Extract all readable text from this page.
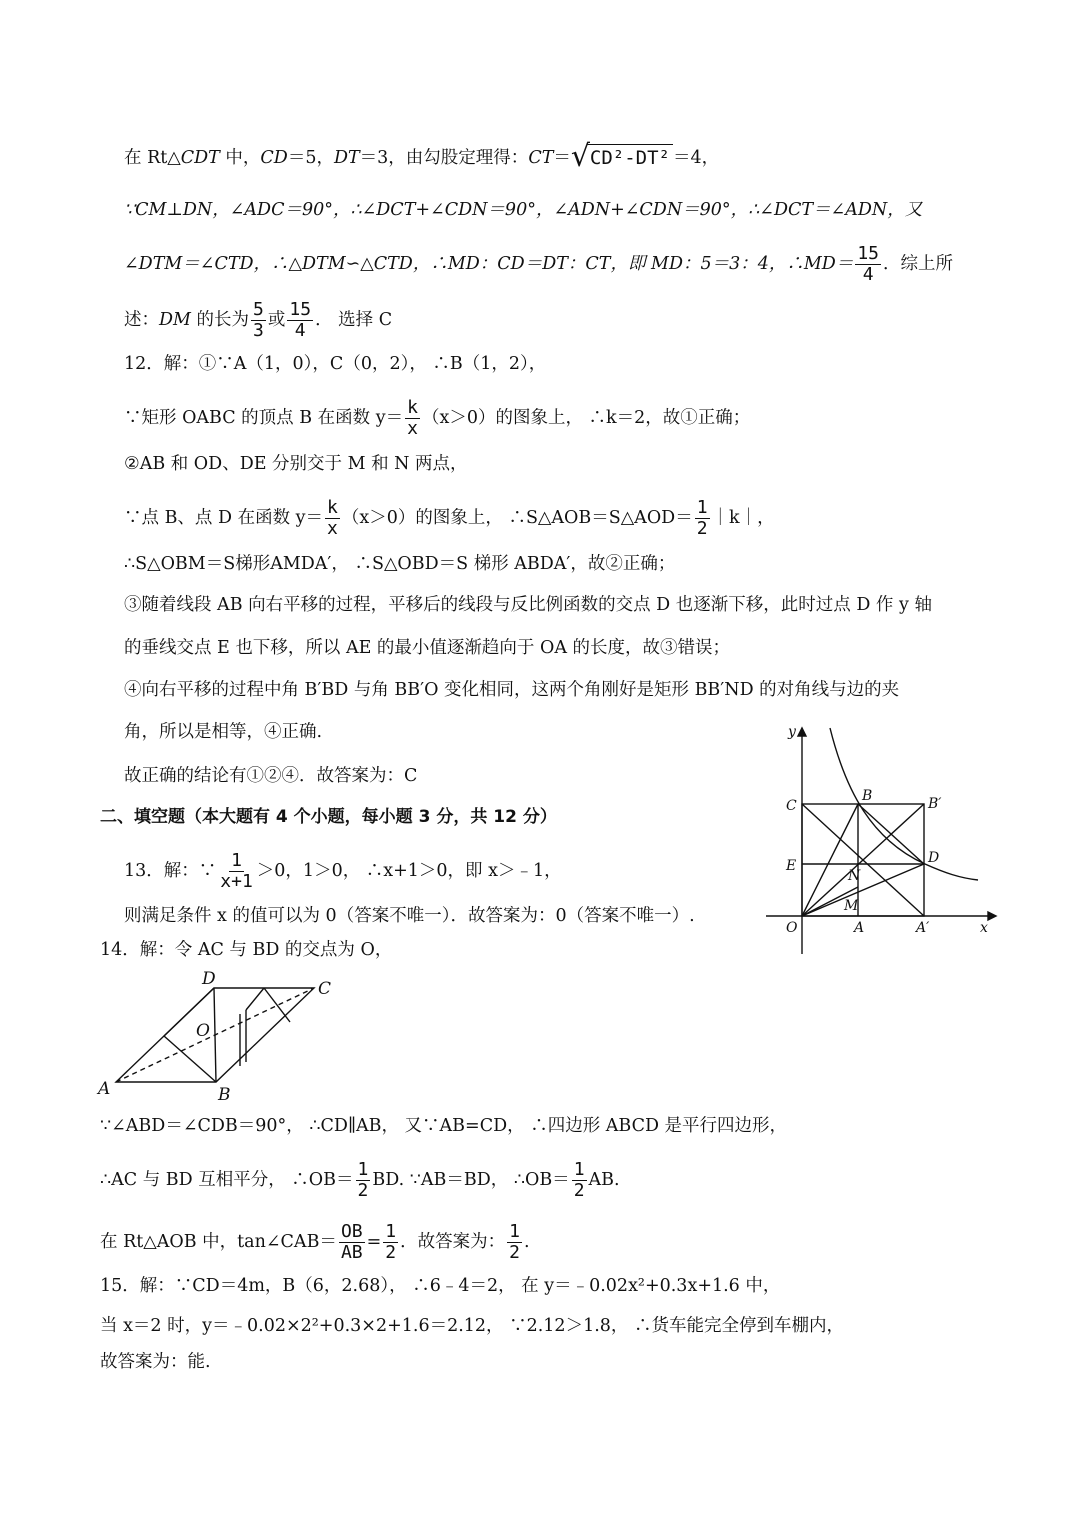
在 Rt△CDT 中，CD＝5，DT＝3，由勾股定理得：CT＝ √ CD²-DT² ＝4，
∵CM⊥DN，∠ADC＝90°，∴∠DCT+∠CDN＝90°，∠ADN+∠CDN＝90°，∴∠DCT＝∠ADN，又
∠DTM＝∠CTD，∴△DTM∽△CTD，∴MD：CD＝DT：CT，即 MD：5＝3：4，∴MD＝ $\frac{15}{4}$ ．综上所
述：DM 的长为 $\frac{5}{3}$ 或 $\frac{15}{4}$ ． 选择 C
12．解：①∵A（1，0），C（0，2）， ∴B（1，2），
∵矩形 OABC 的顶点 B 在函数 $y= \frac{k}{x} (x>0)$的图象上， ∴k＝2，故①正确；
②AB 和 OD、DE 分别交于 M 和 N 两点，
∵点 B、点 D 在函数 $y= \frac{k}{x} (x>0)$的图象上， ∴S△AOB＝S△AOD＝ $\frac{1}{2}$ ｜k｜，
∴S△OBM＝S梯形AMDA′， ∴S△OBD＝S 梯形 ABDA′，故②正确；
③随着线段 AB 向右平移的过程，平移后的线段与反比例函数的交点 D 也逐渐下移，此时过点 D 作 y 轴
的垂线交点 E 也下移，所以 AE 的最小值逐渐趋向于 OA 的长度，故③错误；
④向右平移的过程中角 B′BD 与角 BB′O 变化相同，这两个角刚好是矩形 BB′ND 的对角线与边的夹
角，所以是相等，④正确.
故正确的结论有①②④．故答案为：C
二、填空题（本大题有 4 个小题，每小题 3 分，共 12 分）
13．解：∵ $\frac{1}{x+1} >0$，1＞0， ∴x+1＞0，即 x＞﹣1，
则满足条件 x 的值可以为 0（答案不唯一）．故答案为：0（答案不唯一）.
14．解：令 AC 与 BD 的交点为 O，
∵∠ABD＝∠CDB＝90°， ∴CD∥AB， 又∵AB=CD， ∴四边形 ABCD 是平行四边形，
∴AC 与 BD 互相平分， ∴OB＝ $\frac{1}{2}$ BD. ∵AB＝BD， ∴OB＝ $\frac{1}{2}$ AB.
在 Rt△AOB 中，tan∠CAB＝ $\frac{OB}{AB} = \frac{1}{2}$ ．故答案为： $\frac{1}{2}$ .
15．解：∵CD＝4m，B（6，2.68）， ∴6﹣4＝2， 在 y＝﹣0.02x²+0.3x+1.6 中，
当 x＝2 时，y＝﹣0.02×2²+0.3×2+1.6＝2.12， ∵2.12＞1.8， ∴货车能完全停到车棚内，
故答案为：能.
y
x
O	A	A′
C
B	B′
E	D
N
M
A	B
C
D
O
